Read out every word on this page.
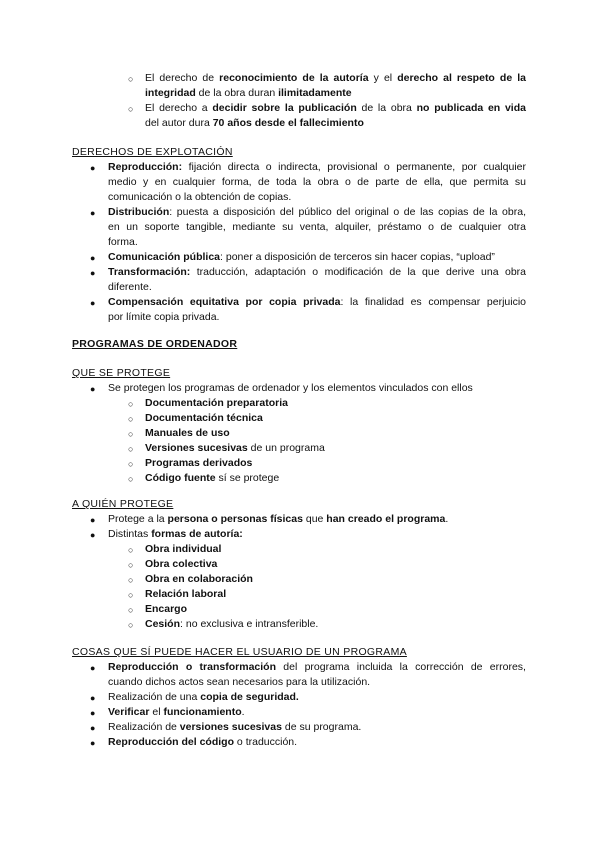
○ El derecho de reconocimiento de la autoría y el derecho al respeto de la
integridad de la obra duran ilimitadamente
○ El derecho a decidir sobre la publicación de la obra no publicada en vida
del autor dura 70 años desde el fallecimiento
DERECHOS DE EXPLOTACIÓN
● Reproducción: fijación directa o indirecta, provisional o permanente, por cualquier
medio y en cualquier forma, de toda la obra o de parte de ella, que permita su
comunicación o la obtención de copias.
● Distribución: puesta a disposición del público del original o de las copias de la obra,
en un soporte tangible, mediante su venta, alquiler, préstamo o de cualquier otra
forma.
● Comunicación pública: poner a disposición de terceros sin hacer copias, “upload”
● Transformación: traducción, adaptación o modificación de la que derive una obra
diferente.
● Compensación equitativa por copia privada: la finalidad es compensar perjuicio
por límite copia privada.
PROGRAMAS DE ORDENADOR
QUE SE PROTEGE
● Se protegen los programas de ordenador y los elementos vinculados con ellos
○ Documentación preparatoria
○ Documentación técnica
○ Manuales de uso
○ Versiones sucesivas de un programa
○ Programas derivados
○ Código fuente sí se protege
A QUIÉN PROTEGE
● Protege a la persona o personas físicas que han creado el programa.
● Distintas formas de autoría:
○ Obra individual
○ Obra colectiva
○ Obra en colaboración
○ Relación laboral
○ Encargo
○ Cesión: no exclusiva e intransferible.
COSAS QUE SÍ PUEDE HACER EL USUARIO DE UN PROGRAMA
● Reproducción o transformación del programa incluida la corrección de errores,
cuando dichos actos sean necesarios para la utilización.
● Realización de una copia de seguridad.
● Verificar el funcionamiento.
● Realización de versiones sucesivas de su programa.
● Reproducción del código o traducción.
